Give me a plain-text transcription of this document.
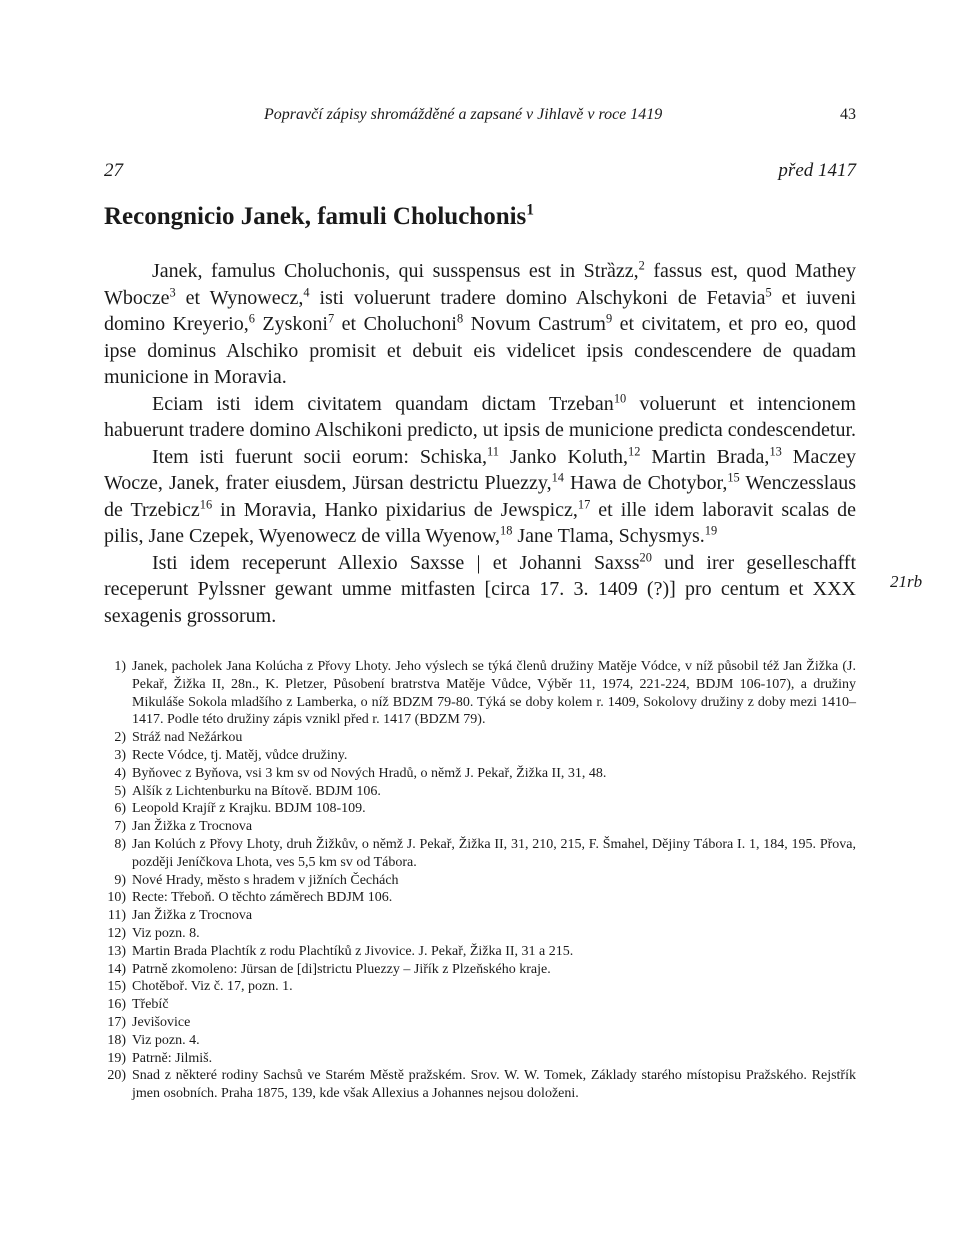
Popravčí zápisy shromážděné a zapsané v Jihlavě v roce 1419	43
27	před 1417
Recongnicio Janek, famuli Choluchonis$^1$

Janek, famulus Choluchonis, qui susspensus est in Strȁzz,$^2$ fassus est, quod Mathey Wbocze$^3$ et Wynowecz,$^4$ isti voluerunt tradere domino Alschykoni de Fetavia$^5$ et iuveni domino Kreyerio,$^6$ Zyskoni$^7$ et Choluchoni$^8$ Novum Castrum$^9$ et civitatem, et pro eo, quod ipse dominus Alschiko promisit et debuit eis videlicet ipsis condescendere de quadam municione in Moravia.

Eciam isti idem civitatem quandam dictam Trzeban$^{10}$ voluerunt et intencionem habuerunt tradere domino Alschikoni predicto, ut ipsis de municione predicta condescendetur.

Item isti fuerunt socii eorum: Schiska,$^{11}$ Janko Koluth,$^{12}$ Martin Brada,$^{13}$ Maczey Wocze, Janek, frater eiusdem, Jürsan destrictu Pluezzy,$^{14}$ Hawa de Chotybor,$^{15}$ Wenczesslaus de Trzebicz$^{16}$ in Moravia, Hanko pixidarius de Jewspicz,$^{17}$ et ille idem laboravit scalas de pilis, Jane Czepek, Wyenowecz de villa Wyenow,$^{18}$ Jane Tlama, Schysmys.$^{19}$

Isti idem receperunt Allexio Saxsse | et Johanni Saxss$^{20}$ und irer geselleschafft receperunt Pylssner gewant umme mitfasten [circa 17. 3. 1409 (?)] pro centum et XXX sexagenis grossorum.

21rb
1) Janek, pacholek Jana Kolúcha z Přovy Lhoty. Jeho výslech se týká členů družiny Matěje Vódce, v níž působil též Jan Žižka (J. Pekař, Žižka II, 28n., K. Pletzer, Působení bratrstva Matěje Vůdce, Výběr 11, 1974, 221-224, BDJM 106-107), a družiny Mikuláše Sokola mladšího z Lamberka, o níž BDZM 79-80. Týká se doby kolem r. 1409, Sokolovy družiny z doby mezi 1410–1417. Podle této družiny zápis vznikl před r. 1417 (BDZM 79).
2) Stráž nad Nežárkou
3) Recte Vódce, tj. Matěj, vůdce družiny.
4) Byňovec z Byňova, vsi 3 km sv od Nových Hradů, o němž J. Pekař, Žižka II, 31, 48.
5) Alšík z Lichtenburku na Bítově. BDJM 106.
6) Leopold Krajíř z Krajku. BDJM 108-109.
7) Jan Žižka z Trocnova
8) Jan Kolúch z Přovy Lhoty, druh Žižkův, o němž J. Pekař, Žižka II, 31, 210, 215, F. Šmahel, Dějiny Tábora I. 1, 184, 195. Přova, později Jeníčkova Lhota, ves 5,5 km sv od Tábora.
9) Nové Hrady, město s hradem v jižních Čechách
10) Recte: Třeboň. O těchto záměrech BDJM 106.
11) Jan Žižka z Trocnova
12) Viz pozn. 8.
13) Martin Brada Plachtík z rodu Plachtíků z Jivovice. J. Pekař, Žižka II, 31 a 215.
14) Patrně zkomoleno: Jürsan de [di]strictu Pluezzy – Jiřík z Plzeňského kraje.
15) Chotěboř. Viz č. 17, pozn. 1.
16) Třebíč
17) Jevišovice
18) Viz pozn. 4.
19) Patrně: Jilmiš.
20) Snad z některé rodiny Sachsů ve Starém Městě pražském. Srov. W. W. Tomek, Základy starého místopisu Pražského. Rejstřík jmen osobních. Praha 1875, 139, kde však Allexius a Johannes nejsou doloženi.
